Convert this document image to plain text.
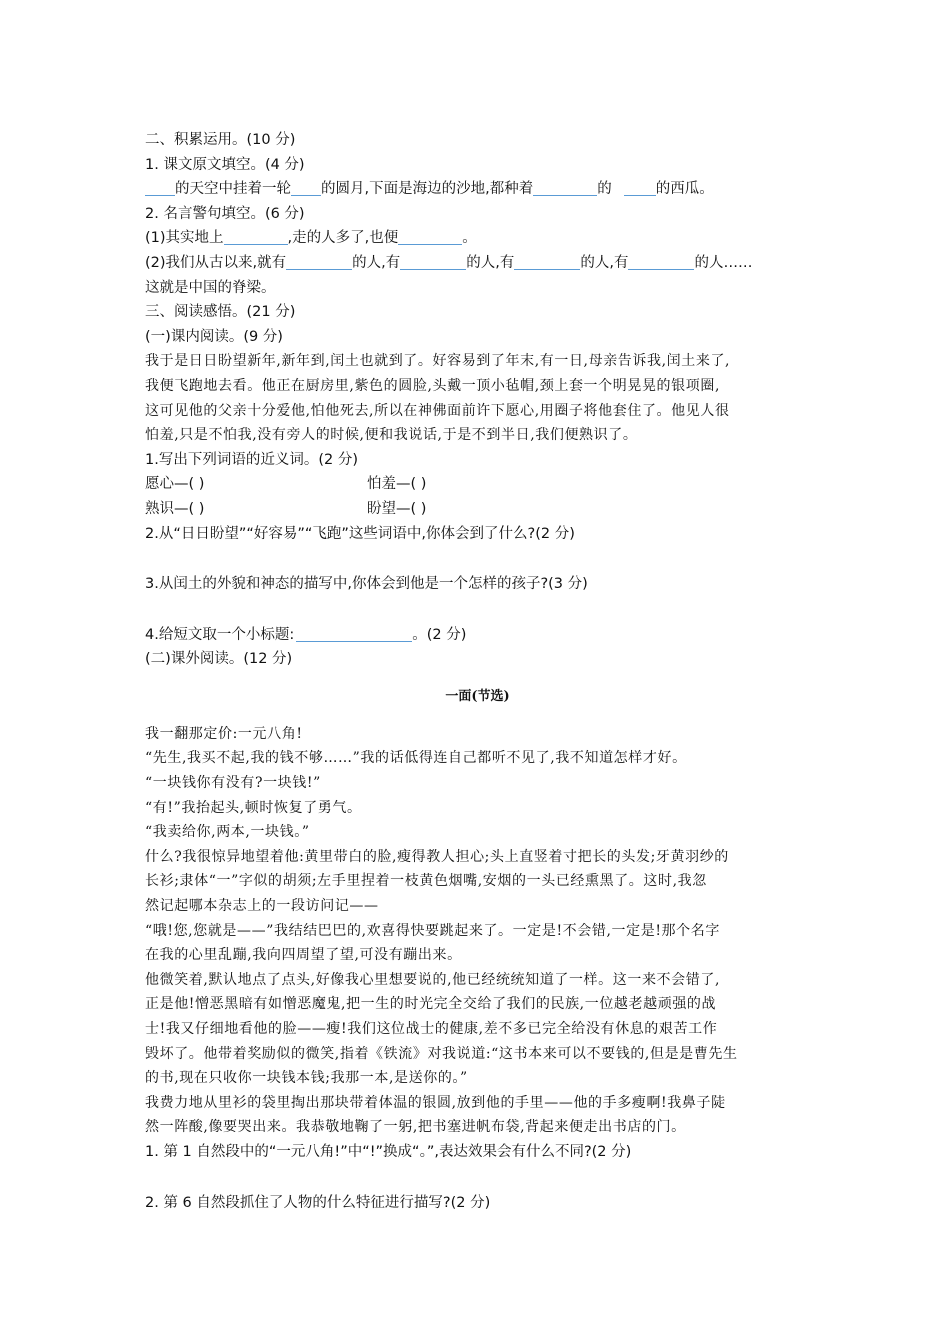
二、积累运用。(10 分)

1. 课文原文填空。(4 分)

的天空中挂着一轮 的圆月,下面是海边的沙地,都种着	的	的西瓜。

2. 名言警句填空。(6 分)

(1)其实地上	,走的人多了,也便	。

(2)我们从古以来,就有	的人,有	的人,有	的人,有	的人……

这就是中国的脊梁。

三、阅读感悟。(21 分)

(一)课内阅读。(9 分)

我于是日日盼望新年,新年到,闰土也就到了。好容易到了年末,有一日,母亲告诉我,闰土来了,

我便飞跑地去看。他正在厨房里,紫色的圆脸,头戴一顶小毡帽,颈上套一个明晃晃的银项圈,

这可见他的父亲十分爱他,怕他死去,所以在神佛面前许下愿心,用圈子将他套住了。他见人很

怕羞,只是不怕我,没有旁人的时候,便和我说话,于是不到半日,我们便熟识了。

1.写出下列词语的近义词。(2 分)

愿心—( )	怕羞—( )

熟识—( )	盼望—( )

2.从“日日盼望”“好容易”“飞跑”这些词语中,你体会到了什么?(2 分)

3.从闰土的外貌和神态的描写中,你体会到他是一个怎样的孩子?(3 分)

4.给短文取一个小标题:	。(2 分)

(二)课外阅读。(12 分)

一面(节选)

我一翻那定价:一元八角!

“先生,我买不起,我的钱不够……”我的话低得连自己都听不见了,我不知道怎样才好。

“一块钱你有没有?一块钱!”

“有!”我抬起头,顿时恢复了勇气。

“我卖给你,两本,一块钱。”

什么?我很惊异地望着他:黄里带白的脸,瘦得教人担心;头上直竖着寸把长的头发;牙黄羽纱的

长衫;隶体“一”字似的胡须;左手里捏着一枝黄色烟嘴,安烟的一头已经熏黑了。这时,我忽

然记起哪本杂志上的一段访问记——

“哦!您,您就是——”我结结巴巴的,欢喜得快要跳起来了。一定是!不会错,一定是!那个名字

在我的心里乱蹦,我向四周望了望,可没有蹦出来。

他微笑着,默认地点了点头,好像我心里想要说的,他已经统统知道了一样。这一来不会错了,

正是他!憎恶黑暗有如憎恶魔鬼,把一生的时光完全交给了我们的民族,一位越老越顽强的战

士!我又仔细地看他的脸——瘦!我们这位战士的健康,差不多已完全给没有休息的艰苦工作

毁坏了。他带着奖励似的微笑,指着《铁流》对我说道:“这书本来可以不要钱的,但是是曹先生

的书,现在只收你一块钱本钱;我那一本,是送你的。”

我费力地从里衫的袋里掏出那块带着体温的银圆,放到他的手里——他的手多瘦啊!我鼻子陡

然一阵酸,像要哭出来。我恭敬地鞠了一躬,把书塞进帆布袋,背起来便走出书店的门。

1. 第 1 自然段中的“一元八角!”中“!”换成“。”,表达效果会有什么不同?(2 分)

2. 第 6 自然段抓住了人物的什么特征进行描写?(2 分)
